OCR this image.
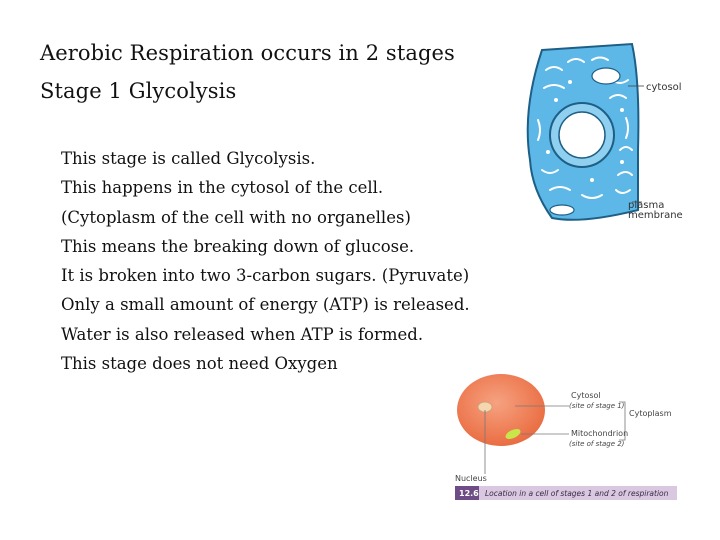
Aerobic Respiration occurs in 2 stages
Stage 1 Glycolysis
This stage is called Glycolysis.
This happens in the cytosol of the cell.
(Cytoplasm of the cell with no organelles)
This means the breaking down of glucose.
It is broken into two 3-carbon sugars. (Pyruvate)
Only a small amount of energy (ATP) is released.
Water is also released when ATP is formed.
This stage does not need Oxygen
cytosol
plasma
membrane
Cytosol
(site of stage 1)
Cytoplasm
Mitochondrion
(site of stage 2)
Nucleus
12.6 Location in a cell of stages 1 and 2 of respiration
